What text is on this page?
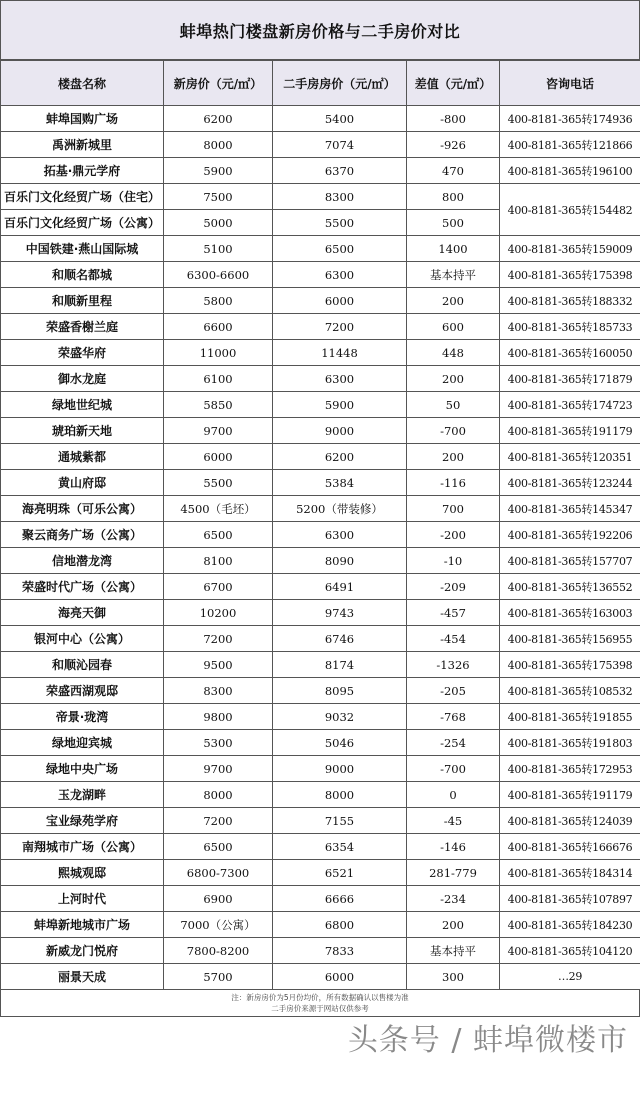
蚌埠热门楼盘新房价格与二手房价对比
楼盘名称	新房价（元/㎡）	二手房房价（元/㎡）	差值（元/㎡）	咨询电话
蚌埠国购广场	6200	5400	-800	400-8181-365转174936
禹洲新城里	8000	7074	-926	400-8181-365转121866
拓基·鼎元学府	5900	6370	470	400-8181-365转196100
百乐门文化经贸广场（住宅）	7500	8300	800	400-8181-365转154482
百乐门文化经贸广场（公寓）	5000	5500	500	
中国铁建·燕山国际城	5100	6500	1400	400-8181-365转159009
和顺名都城	6300-6600	6300	基本持平	400-8181-365转175398
和顺新里程	5800	6000	200	400-8181-365转188332
荣盛香榭兰庭	6600	7200	600	400-8181-365转185733
荣盛华府	11000	11448	448	400-8181-365转160050
御水龙庭	6100	6300	200	400-8181-365转171879
绿地世纪城	5850	5900	50	400-8181-365转174723
琥珀新天地	9700	9000	-700	400-8181-365转191179
通城紫都	6000	6200	200	400-8181-365转120351
黄山府邸	5500	5384	-116	400-8181-365转123244
海亮明珠（可乐公寓）	4500（毛坯）	5200（带装修）	700	400-8181-365转145347
聚云商务广场（公寓）	6500	6300	-200	400-8181-365转192206
信地潜龙湾	8100	8090	-10	400-8181-365转157707
荣盛时代广场（公寓）	6700	6491	-209	400-8181-365转136552
海亮天御	10200	9743	-457	400-8181-365转163003
银河中心（公寓）	7200	6746	-454	400-8181-365转156955
和顺沁园春	9500	8174	-1326	400-8181-365转175398
荣盛西湖观邸	8300	8095	-205	400-8181-365转108532
帝景·珑湾	9800	9032	-768	400-8181-365转191855
绿地迎宾城	5300	5046	-254	400-8181-365转191803
绿地中央广场	9700	9000	-700	400-8181-365转172953
玉龙湖畔	8000	8000	0	400-8181-365转191179
宝业绿苑学府	7200	7155	-45	400-8181-365转124039
南翔城市广场（公寓）	6500	6354	-146	400-8181-365转166676
熙城观邸	6800-7300	6521	281-779	400-8181-365转184314
上河时代	6900	6666	-234	400-8181-365转107897
蚌埠新地城市广场	7000（公寓）	6800	200	400-8181-365转184230
新威龙门悦府	7800-8200	7833	基本持平	400-8181-365转104120
丽景天成	5700	6000	300	…29
注：新房房价为5月份均价，所有数据确认以售楼为准
二手房价来源于网站仅供参考
头条号 / 蚌埠微楼市
